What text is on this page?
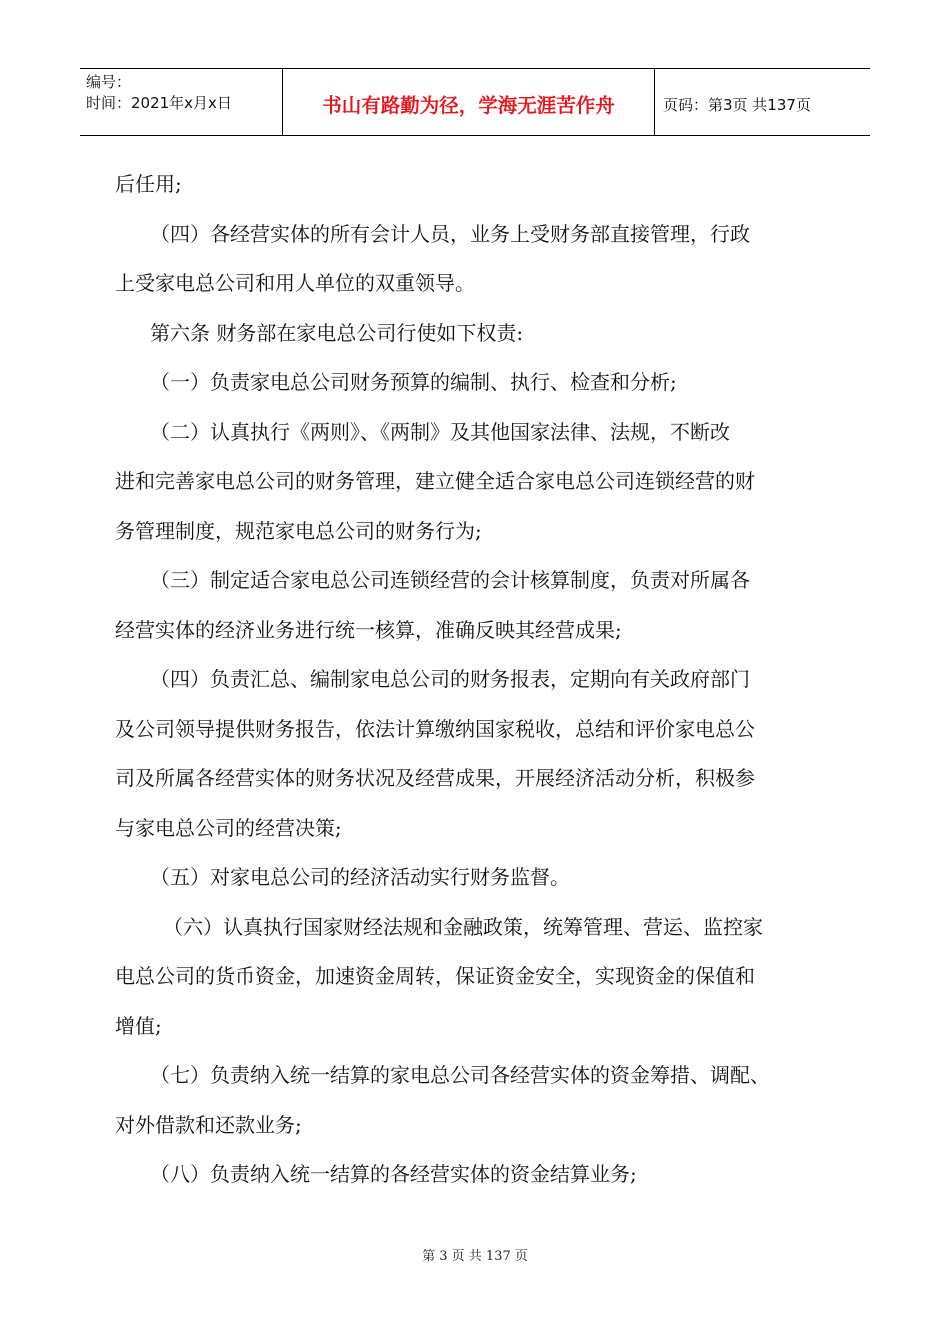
编号：
时间：2021年x月x日	书山有路勤为径，学海无涯苦作舟	页码：第3页 共137页

后任用;

（四）各经营实体的所有会计人员，业务上受财务部直接管理，行政

上受家电总公司和用人单位的双重领导。

第六条 财务部在家电总公司行使如下权责:

（一）负责家电总公司财务预算的编制、执行、检查和分析;

（二）认真执行《两则》、《两制》及其他国家法律、法规，不断改

进和完善家电总公司的财务管理，建立健全适合家电总公司连锁经营的财

务管理制度，规范家电总公司的财务行为;

（三）制定适合家电总公司连锁经营的会计核算制度，负责对所属各

经营实体的经济业务进行统一核算，准确反映其经营成果;

（四）负责汇总、编制家电总公司的财务报表，定期向有关政府部门

及公司领导提供财务报告，依法计算缴纳国家税收，总结和评价家电总公

司及所属各经营实体的财务状况及经营成果，开展经济活动分析，积极参

与家电总公司的经营决策;

（五）对家电总公司的经济活动实行财务监督。

（六）认真执行国家财经法规和金融政策，统筹管理、营运、监控家

电总公司的货币资金，加速资金周转，保证资金安全，实现资金的保值和

增值;

（七）负责纳入统一结算的家电总公司各经营实体的资金筹措、调配、

对外借款和还款业务;

（八）负责纳入统一结算的各经营实体的资金结算业务;

第 3 页 共 137 页
